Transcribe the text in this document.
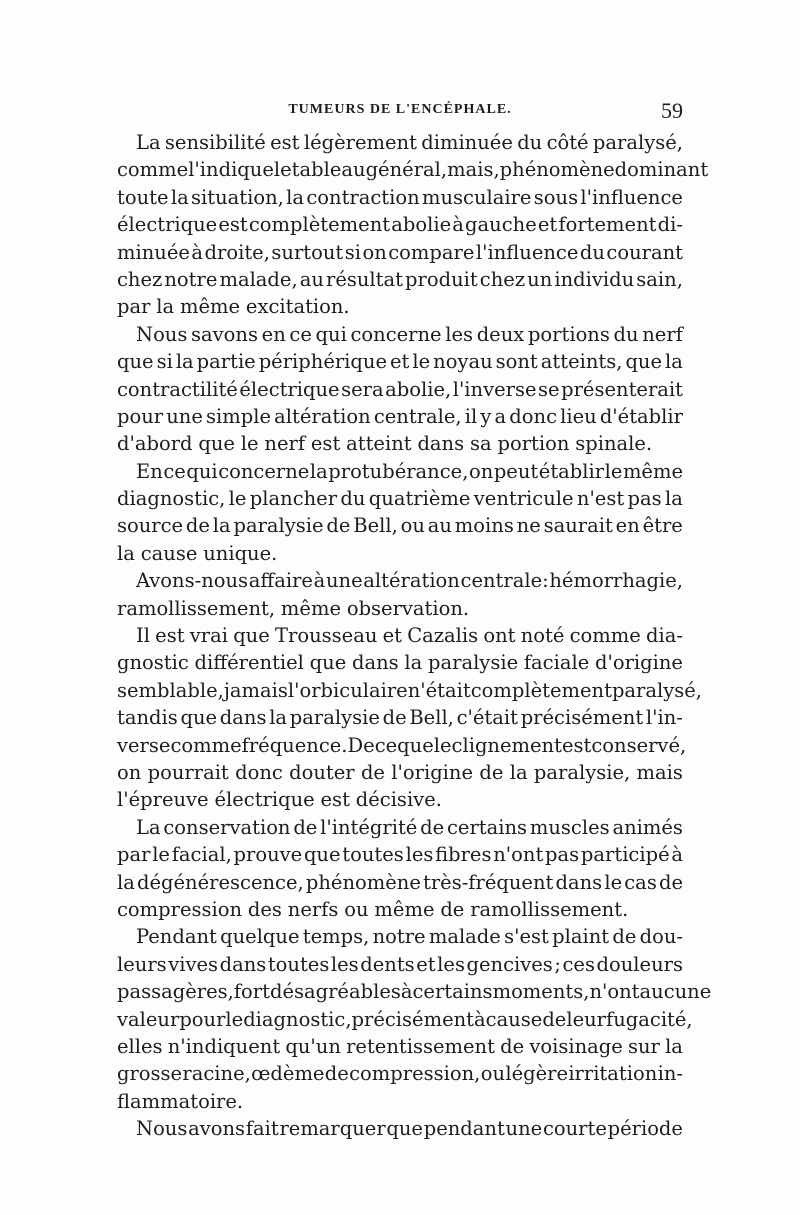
TUMEURS DE L'ENCÉPHALE.	59
La sensibilité est légèrement diminuée du côté paralysé,
comme l'indique le tableau général, mais, phénomène dominant
toute la situation, la contraction musculaire sous l'influence
électrique est complètement abolie à gauche et fortement di-
minuée à droite, surtout si on compare l'influence du courant
chez notre malade, au résultat produit chez un individu sain,
par la même excitation.
Nous savons en ce qui concerne les deux portions du nerf
que si la partie périphérique et le noyau sont atteints, que la
contractilité électrique sera abolie, l'inverse se présenterait
pour une simple altération centrale, il y a donc lieu d'établir
d'abord que le nerf est atteint dans sa portion spinale.
En ce qui concerne la protubérance, on peut établir le même
diagnostic, le plancher du quatrième ventricule n'est pas la
source de la paralysie de Bell, ou au moins ne saurait en être
la cause unique.
Avons-nous affaire à une altération centrale: hémorrhagie,
ramollissement, même observation.
Il est vrai que Trousseau et Cazalis ont noté comme dia-
gnostic différentiel que dans la paralysie faciale d'origine
semblable, jamais l'orbiculaire n'était complètement paralysé,
tandis que dans la paralysie de Bell, c'était précisément l'in-
verse comme fréquence. De ce que le clignement est conservé,
on pourrait donc douter de l'origine de la paralysie, mais
l'épreuve électrique est décisive.
La conservation de l'intégrité de certains muscles animés
par le facial, prouve que toutes les fibres n'ont pas participé à
la dégénérescence, phénomène très-fréquent dans le cas de
compression des nerfs ou même de ramollissement.
Pendant quelque temps, notre malade s'est plaint de dou-
leurs vives dans toutes les dents et les gencives ; ces douleurs
passagères, fort désagréables à certains moments, n'ont aucune
valeur pour le diagnostic, précisément à cause de leur fugacité,
elles n'indiquent qu'un retentissement de voisinage sur la
grosse racine, œdème de compression, ou légère irritation in-
flammatoire.
Nous avons fait remarquer que pendant une courte période
